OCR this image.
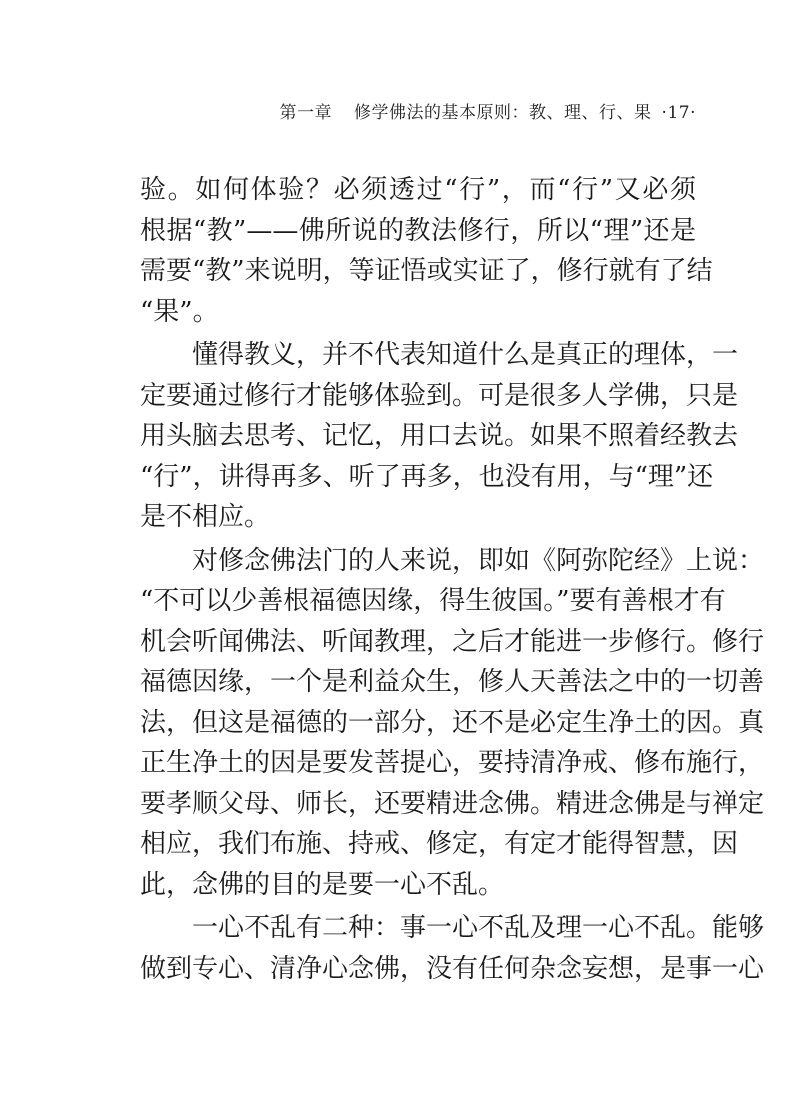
第一章 修学佛法的基本原则：教、理、行、果 ·17·
验。如何体验？必须透过“行”，而“行”又必须
根据“教”——佛所说的教法修行，所以“理”还是
需要“教”来说明，等证悟或实证了，修行就有了结
“果”。
懂得教义，并不代表知道什么是真正的理体，一
定要通过修行才能够体验到。可是很多人学佛，只是
用头脑去思考、记忆，用口去说。如果不照着经教去
“行”，讲得再多、听了再多，也没有用，与“理”还
是不相应。
对修念佛法门的人来说，即如《阿弥陀经》上说：
“不可以少善根福德因缘，得生彼国。”要有善根才有
机会听闻佛法、听闻教理，之后才能进一步修行。修行
福德因缘，一个是利益众生，修人天善法之中的一切善
法，但这是福德的一部分，还不是必定生净土的因。真
正生净土的因是要发菩提心，要持清净戒、修布施行，
要孝顺父母、师长，还要精进念佛。精进念佛是与禅定
相应，我们布施、持戒、修定，有定才能得智慧，因
此，念佛的目的是要一心不乱。
一心不乱有二种：事一心不乱及理一心不乱。能够
做到专心、清净心念佛，没有任何杂念妄想，是事一心
